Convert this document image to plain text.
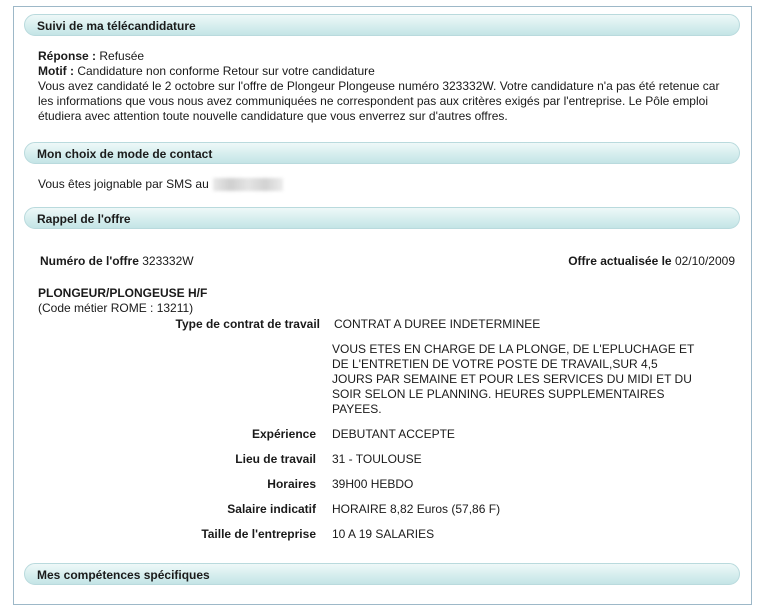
Suivi de ma télécandidature
Réponse : Refusée
Motif : Candidature non conforme Retour sur votre candidature
Vous avez candidaté le 2 octobre sur l'offre de Plongeur Plongeuse numéro 323332W. Votre candidature n'a pas été retenue car
les informations que vous nous avez communiquées ne correspondent pas aux critères exigés par l'entreprise. Le Pôle emploi
étudiera avec attention toute nouvelle candidature que vous enverrez sur d'autres offres.
Mon choix de mode de contact
Vous êtes joignable par SMS au
Rappel de l'offre
Numéro de l'offre 323332W	Offre actualisée le 02/10/2009
PLONGEUR/PLONGEUSE H/F
(Code métier ROME : 13211)
Type de contrat de travail CONTRAT A DUREE INDETERMINEE
VOUS ETES EN CHARGE DE LA PLONGE, DE L'EPLUCHAGE ET
DE L'ENTRETIEN DE VOTRE POSTE DE TRAVAIL,SUR 4,5
JOURS PAR SEMAINE ET POUR LES SERVICES DU MIDI ET DU
SOIR SELON LE PLANNING. HEURES SUPPLEMENTAIRES
PAYEES.
Expérience DEBUTANT ACCEPTE
Lieu de travail 31 - TOULOUSE
Horaires 39H00 HEBDO
Salaire indicatif HORAIRE 8,82 Euros (57,86 F)
Taille de l'entreprise 10 A 19 SALARIES
Mes compétences spécifiques
